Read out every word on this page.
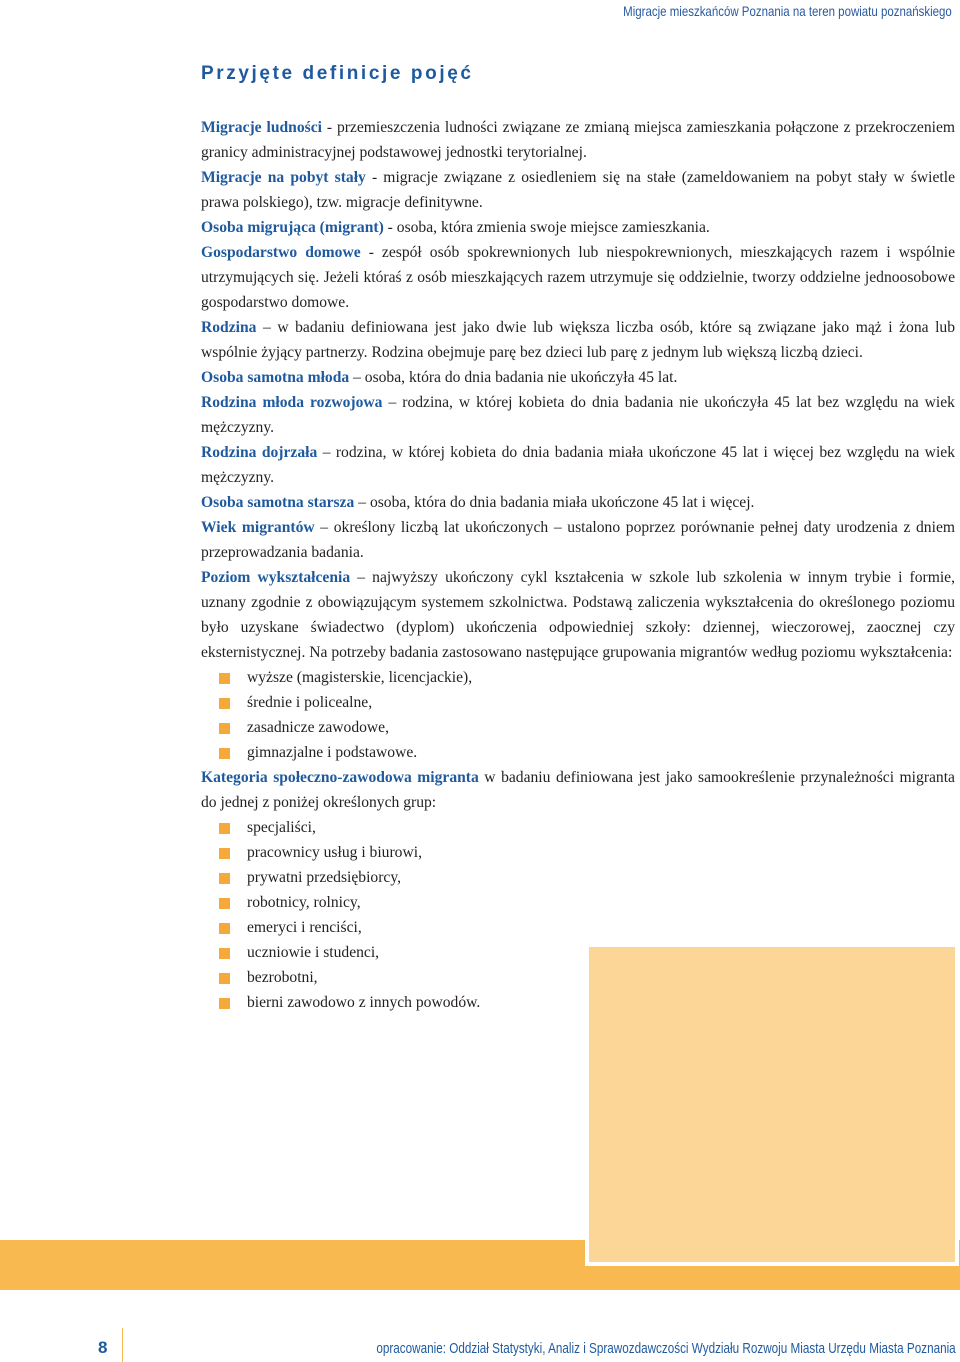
Migracje mieszkańców Poznania na teren powiatu poznańskiego
Przyjęte definicje pojęć

Migracje ludności - przemieszczenia ludności związane ze zmianą miejsca zamieszkania połączone z przekroczeniem granicy administracyjnej podstawowej jednostki terytorialnej.

Migracje na pobyt stały - migracje związane z osiedleniem się na stałe (zameldowaniem na pobyt stały w świetle prawa polskiego), tzw. migracje definitywne.

Osoba migrująca (migrant) - osoba, która zmienia swoje miejsce zamieszkania.

Gospodarstwo domowe - zespół osób spokrewnionych lub niespokrewnionych, mieszkających razem i wspólnie utrzymujących się. Jeżeli któraś z osób mieszkających razem utrzymuje się oddzielnie, tworzy oddzielne jednoosobowe gospodarstwo domowe.

Rodzina – w badaniu definiowana jest jako dwie lub większa liczba osób, które są związane jako mąż i żona lub wspólnie żyjący partnerzy. Rodzina obejmuje parę bez dzieci lub parę z jednym lub większą liczbą dzieci.

Osoba samotna młoda – osoba, która do dnia badania nie ukończyła 45 lat.

Rodzina młoda rozwojowa – rodzina, w której kobieta do dnia badania nie ukończyła 45 lat bez względu na wiek mężczyzny.

Rodzina dojrzała – rodzina, w której kobieta do dnia badania miała ukończone 45 lat i więcej bez względu na wiek mężczyzny.

Osoba samotna starsza – osoba, która do dnia badania miała ukończone 45 lat i więcej.

Wiek migrantów – określony liczbą lat ukończonych – ustalono poprzez porównanie pełnej daty urodzenia z dniem przeprowadzania badania.

Poziom wykształcenia – najwyższy ukończony cykl kształcenia w szkole lub szkolenia w innym trybie i formie, uznany zgodnie z obowiązującym systemem szkolnictwa. Podstawą zaliczenia wykształcenia do określonego poziomu było uzyskane świadectwo (dyplom) ukończenia odpowiedniej szkoły: dziennej, wieczorowej, zaocznej czy eksternistycznej. Na potrzeby badania zastosowano następujące grupowania migrantów według poziomu wykształcenia:

wyższe (magisterskie, licencjackie),
średnie i policealne,
zasadnicze zawodowe,
gimnazjalne i podstawowe.

Kategoria społeczno-zawodowa migranta w badaniu definiowana jest jako samookreślenie przynależności migranta do jednej z poniżej określonych grup:

specjaliści,
pracownicy usług i biurowi,
prywatni przedsiębiorcy,
robotnicy, rolnicy,
emeryci i renciści,
uczniowie i studenci,
bezrobotni,
bierni zawodowo z innych powodów.
8	opracowanie: Oddział Statystyki, Analiz i Sprawozdawczości Wydziału Rozwoju Miasta Urzędu Miasta Poznania
